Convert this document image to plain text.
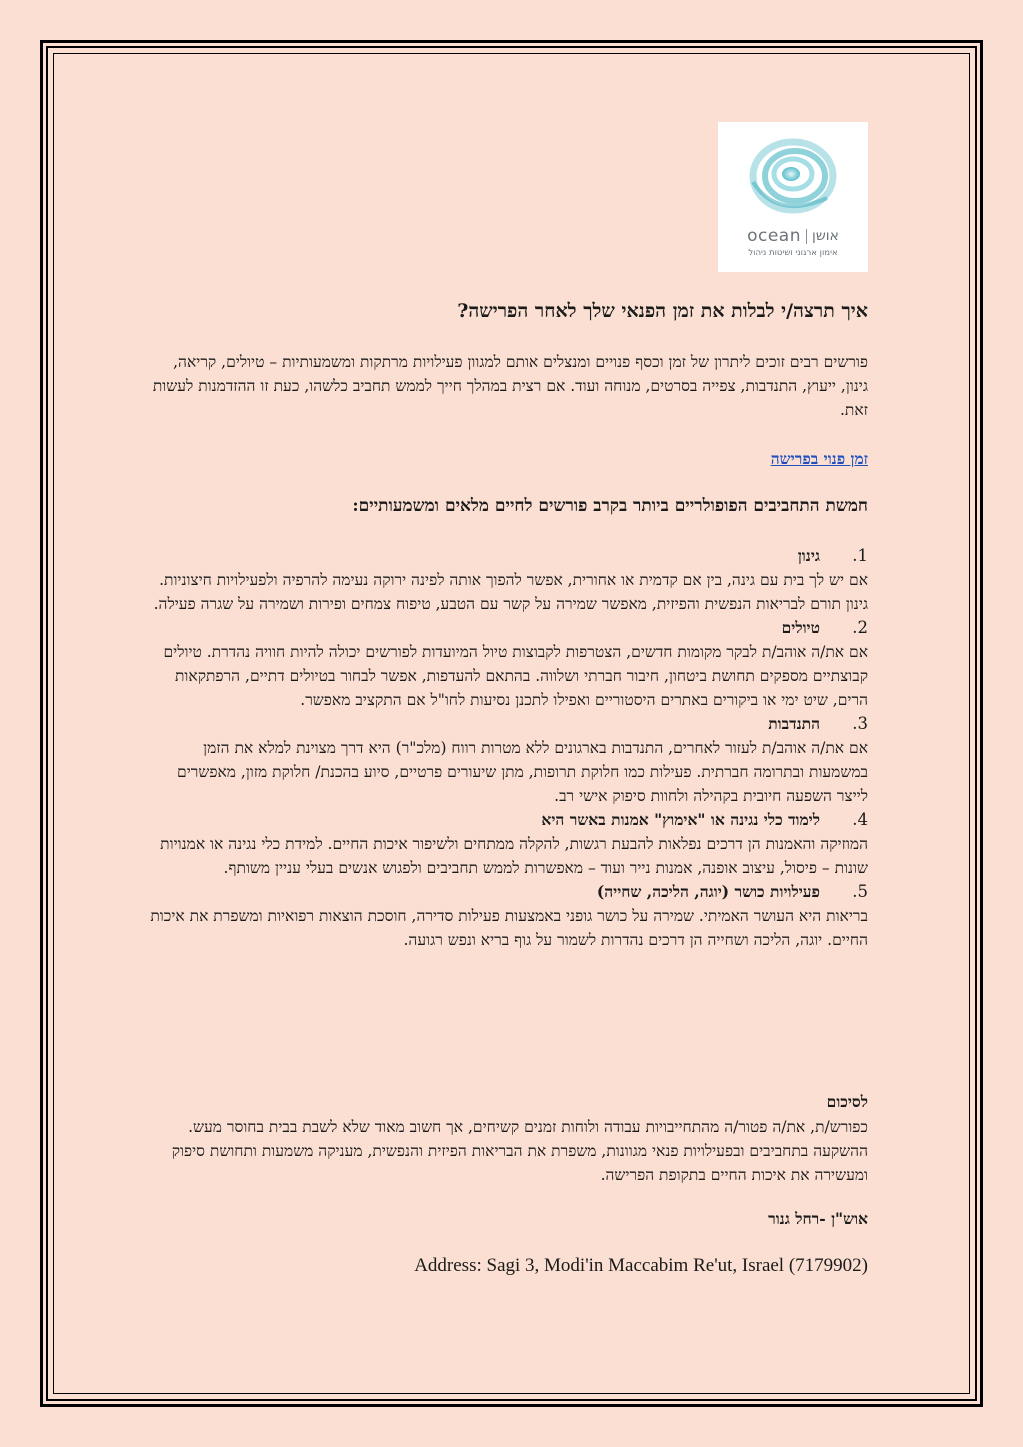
ocean אושן
אימון ארגוני ושיטות ניהול
איך תרצה/י לבלות את זמן הפנאי שלך לאחר הפרישה?

פורשים רבים זוכים ליתרון של זמן וכסף פנויים ומנצלים אותם למגוון פעילויות מרתקות ומשמעותיות – טיולים, קריאה, גינון, ייעוץ, התנדבות, צפייה בסרטים, מנוחה ועוד. אם רצית במהלך חייך לממש תחביב כלשהו, כעת זו ההזדמנות לעשות זאת.

זמן פנוי בפרישה
חמשת התחביבים הפופולריים ביותר בקרב פורשים לחיים מלאים ומשמעותיים:
1.
גינון
אם יש לך בית עם גינה, בין אם קדמית או אחורית, אפשר להפוך אותה לפינה ירוקה נעימה להרפיה ולפעילויות חיצוניות. גינון תורם לבריאות הנפשית והפיזית, מאפשר שמירה על קשר עם הטבע, טיפוח צמחים ופירות ושמירה על שגרה פעילה.
2.
טיולים
אם את/ה אוהב/ת לבקר מקומות חדשים, הצטרפות לקבוצות טיול המיועדות לפורשים יכולה להיות חוויה נהדרת. טיולים קבוצתיים מספקים תחושת ביטחון, חיבור חברתי ושלווה. בהתאם להעדפות, אפשר לבחור בטיולים דתיים, הרפתקאות הרים, שיט ימי או ביקורים באתרים היסטוריים ואפילו לתכנן נסיעות לחו"ל אם התקציב מאפשר.
3.
התנדבות
אם את/ה אוהב/ת לעזור לאחרים, התנדבות בארגונים ללא מטרות רווח (מלכ"ר) היא דרך מצוינת למלא את הזמן במשמעות ובתרומה חברתית. פעילות כמו חלוקת תרופות, מתן שיעורים פרטיים, סיוע בהכנת/ חלוקת מזון, מאפשרים לייצר השפעה חיובית בקהילה ולחוות סיפוק אישי רב.
4.
לימוד כלי נגינה או "אימוץ" אמנות באשר היא
המוזיקה והאמנות הן דרכים נפלאות להבעת רגשות, להקלה ממתחים ולשיפור איכות החיים. למידת כלי נגינה או אמנויות שונות – פיסול, עיצוב אופנה, אמנות נייר ועוד – מאפשרות לממש תחביבים ולפגוש אנשים בעלי עניין משותף.
5.
פעילויות כושר (יוגה, הליכה, שחייה)
בריאות היא העושר האמיתי. שמירה על כושר גופני באמצעות פעילות סדירה, חוסכת הוצאות רפואיות ומשפרת את איכות החיים. יוגה, הליכה ושחייה הן דרכים נהדרות לשמור על גוף בריא ונפש רגועה.
לסיכום

כפורש/ת, את/ה פטור/ה מהתחייבויות עבודה ולוחות זמנים קשיחים, אך חשוב מאוד שלא לשבת בבית בחוסר מעש. ההשקעה בתחביבים ובפעילויות פנאי מגוונות, משפרת את הבריאות הפיזית והנפשית, מעניקה משמעות ותחושת סיפוק ומעשירה את איכות החיים בתקופת הפרישה.

אוש"ן -רחל גנור
Address: Sagi 3, Modi'in Maccabim Re'ut, Israel (7179902)
